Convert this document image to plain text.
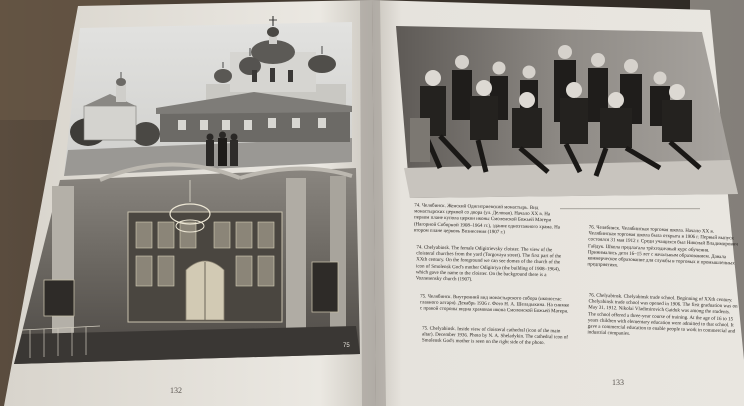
75
132
133
74. Челябинск. Женский Одигитриевский монастырь. Вид монастырских церквей со двора (ул. Деловая). Начало ХХ в. На первом плане купола церкви иконы Смоленской Божьей Матери (Нагорной Соборной 1908–1964 гг.), здание одноэтажного храма. На втором плане церковь Вознесения (1907 г.)
74. Chelyabinsk. The female Odigitrievsky cloister. The view of the cloisteral churches from the yard (Torgovaya street). The first part of the XXth century. On the foreground we can see domes of the church of the icon of Smolensk God's mother Odigitriya (the building of 1908–1964), which gave the name to the cloister. On the background there is a Voznesensky church (1907).
75. Челябинск. Внутренний вид монастырского собора (иконостас главного алтаря). Декабрь 1936 г. Фото Н. А. Шеладыкина. На снимке с правой стороны видна храмовая икона Смоленской Божьей Матери.
75. Chelyabinsk. Inside view of cloisteral cathedral (icon of the main altar). December 1936. Photo by N. A. Sheladykin. The cathedral icon of Smolensk God's mother is seen on the right side of the photo.
76. Челябинск. Челябинская торговая школа. Начало ХХ в. Челябинская торговая школа была открыта в 1906 г. Первый выпуск состоялся 31 мая 1912 г. Среди учащихся был Николай Владимирович Гайдук. Школа предлагала трёхгодичный курс обучения. Принимались дети 16–15 лет с начальным образованием. Давала коммерческое образование для службы в торговых и промышленных предприятиях.
76. Chelyabinsk. Chelyabinsk trade school. Beginning of XXth century. Chelyabinsk trade school was opened in 1906. The first graduation was on May 31, 1912. Nikolai Vladimirovich Gaiduk was among the students. The school offered a three-year course of training. At the age of 16 to 15 years children with elementary education were admitted to that school. It gave a commercial education to enable people to work in commercial and industrial companies.
